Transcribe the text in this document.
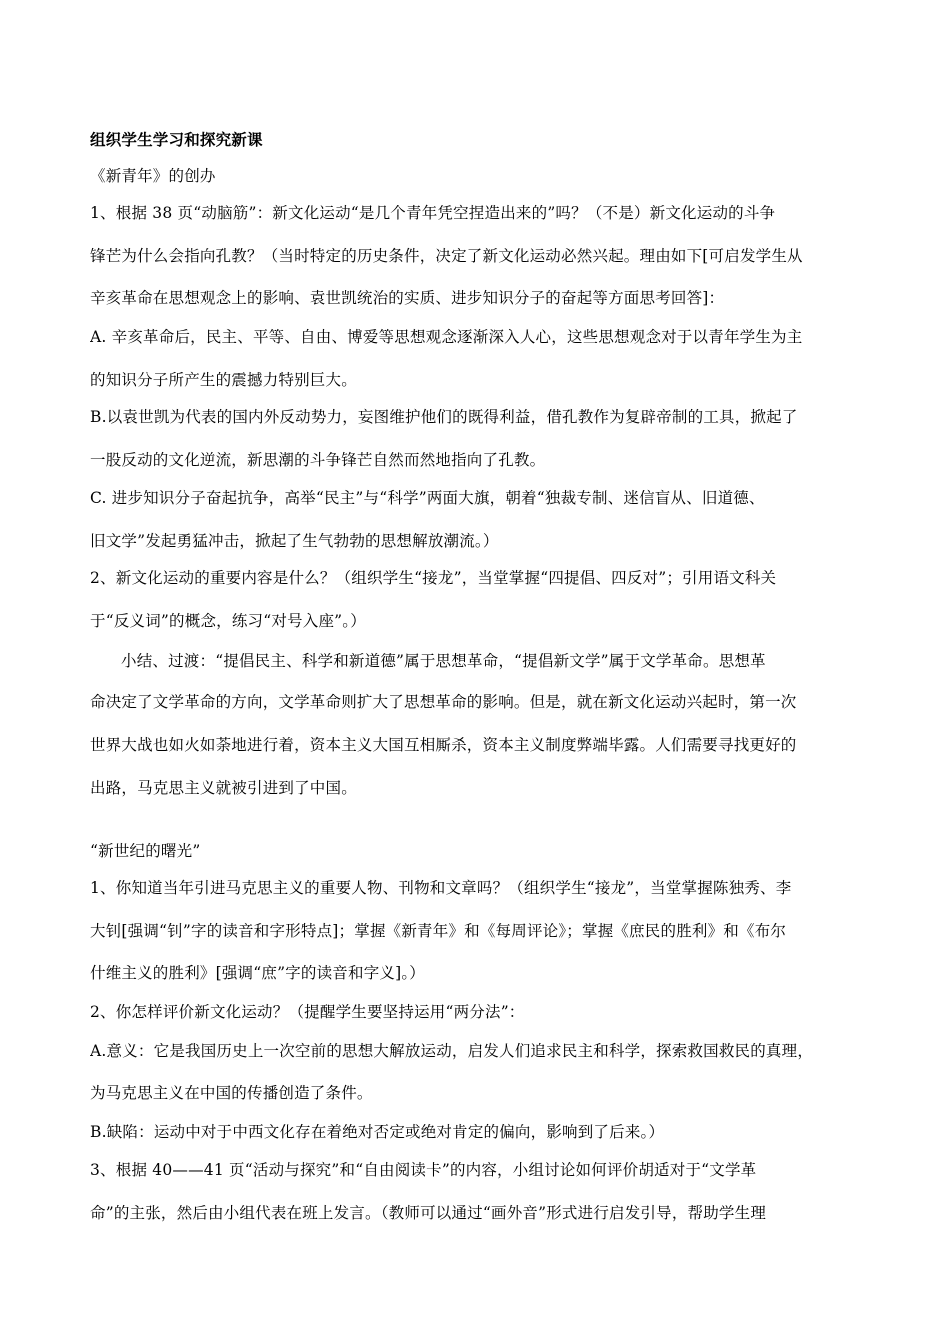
组织学生学习和探究新课
《新青年》的创办
1、根据 38 页“动脑筋”：新文化运动“是几个青年凭空捏造出来的”吗？（不是）新文化运动的斗争
锋芒为什么会指向孔教？（当时特定的历史条件，决定了新文化运动必然兴起。理由如下[可启发学生从
辛亥革命在思想观念上的影响、袁世凯统治的实质、进步知识分子的奋起等方面思考回答]：
A. 辛亥革命后，民主、平等、自由、博爱等思想观念逐渐深入人心，这些思想观念对于以青年学生为主
的知识分子所产生的震撼力特别巨大。
B.以袁世凯为代表的国内外反动势力，妄图维护他们的既得利益，借孔教作为复辟帝制的工具，掀起了
一股反动的文化逆流，新思潮的斗争锋芒自然而然地指向了孔教。
C. 进步知识分子奋起抗争，高举“民主”与“科学”两面大旗，朝着“独裁专制、迷信盲从、旧道德、
旧文学”发起勇猛冲击，掀起了生气勃勃的思想解放潮流。）
2、新文化运动的重要内容是什么？（组织学生“接龙”，当堂掌握“四提倡、四反对”；引用语文科关
于“反义词”的概念，练习“对号入座”。）
小结、过渡：“提倡民主、科学和新道德”属于思想革命，“提倡新文学”属于文学革命。思想革
命决定了文学革命的方向，文学革命则扩大了思想革命的影响。但是，就在新文化运动兴起时，第一次
世界大战也如火如荼地进行着，资本主义大国互相厮杀，资本主义制度弊端毕露。人们需要寻找更好的
出路，马克思主义就被引进到了中国。
“新世纪的曙光”
1、你知道当年引进马克思主义的重要人物、刊物和文章吗？（组织学生“接龙”，当堂掌握陈独秀、李
大钊[强调“钊”字的读音和字形特点]；掌握《新青年》和《每周评论》；掌握《庶民的胜利》和《布尔
什维主义的胜利》[强调“庶”字的读音和字义]。）
2、你怎样评价新文化运动？（提醒学生要坚持运用“两分法”：
A.意义：它是我国历史上一次空前的思想大解放运动，启发人们追求民主和科学，探索救国救民的真理，
为马克思主义在中国的传播创造了条件。
B.缺陷：运动中对于中西文化存在着绝对否定或绝对肯定的偏向，影响到了后来。）
3、根据 40——41 页“活动与探究”和“自由阅读卡”的内容，小组讨论如何评价胡适对于“文学革
命”的主张，然后由小组代表在班上发言。（教师可以通过“画外音”形式进行启发引导，帮助学生理
